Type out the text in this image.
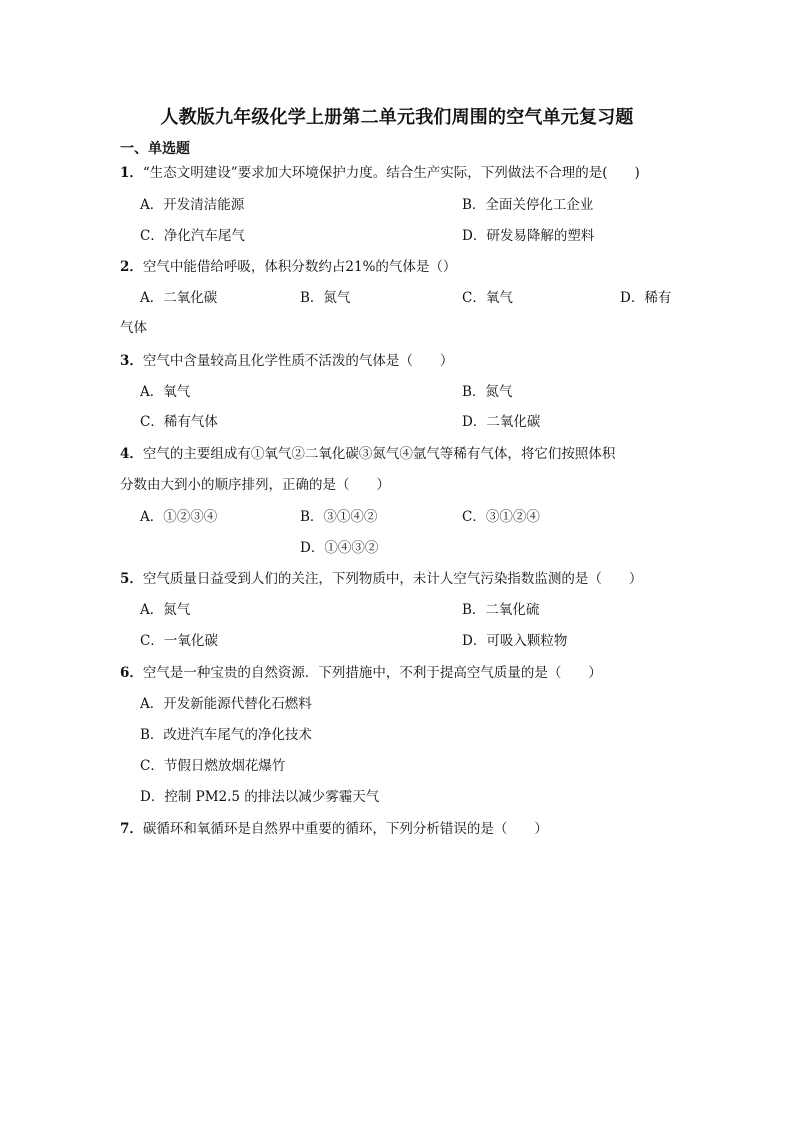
人教版九年级化学上册第二单元我们周围的空气单元复习题
一、单选题
1．“生态文明建设”要求加大环境保护力度。结合生产实际，下列做法不合理的是(　　)
A．开发清洁能源	B．全面关停化工企业
C．净化汽车尾气	D．研发易降解的塑料
2．空气中能借给呼吸，体积分数约占21%的气体是（）
A．二氧化碳	B．氮气	C．氧气	D．稀有
气体
3．空气中含量较高且化学性质不活泼的气体是（　　）
A．氧气	B．氮气
C．稀有气体	D．二氧化碳
4．空气的主要组成有①氧气②二氧化碳③氮气④氩气等稀有气体，将它们按照体积
分数由大到小的顺序排列，正确的是（　　）
A．①②③④	B．③①④②	C．③①②④
D．①④③②
5．空气质量日益受到人们的关注，下列物质中，未计人空气污染指数监测的是（　　）
A．氮气	B．二氧化硫
C．一氧化碳	D．可吸入颗粒物
6．空气是一种宝贵的自然资源．下列措施中，不利于提高空气质量的是（　　）
A．开发新能源代替化石燃料
B．改进汽车尾气的净化技术
C．节假日燃放烟花爆竹
D．控制 PM2.5 的排法以减少雾霾天气
7．碳循环和氧循环是自然界中重要的循环，下列分析错误的是（　　）
